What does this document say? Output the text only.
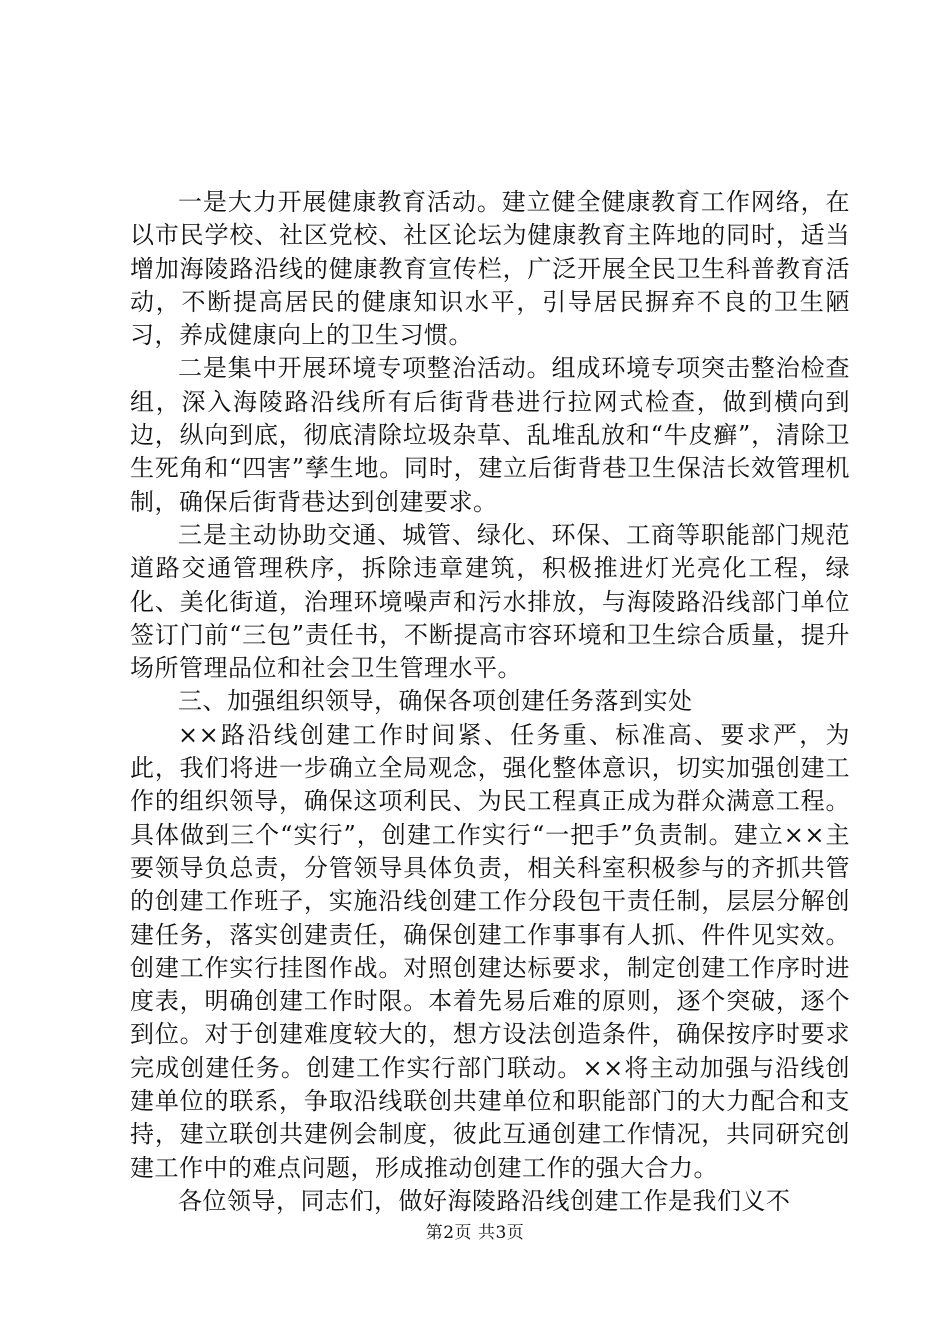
一是大力开展健康教育活动。建立健全健康教育工作网络，在以市民学校、社区党校、社区论坛为健康教育主阵地的同时，适当增加海陵路沿线的健康教育宣传栏，广泛开展全民卫生科普教育活动，不断提高居民的健康知识水平，引导居民摒弃不良的卫生陋习，养成健康向上的卫生习惯。

二是集中开展环境专项整治活动。组成环境专项突击整治检查组，深入海陵路沿线所有后街背巷进行拉网式检查，做到横向到边，纵向到底，彻底清除垃圾杂草、乱堆乱放和“牛皮癣”，清除卫生死角和“四害”孳生地。同时，建立后街背巷卫生保洁长效管理机制，确保后街背巷达到创建要求。

三是主动协助交通、城管、绿化、环保、工商等职能部门规范道路交通管理秩序，拆除违章建筑，积极推进灯光亮化工程，绿化、美化街道，治理环境噪声和污水排放，与海陵路沿线部门单位签订门前“三包”责任书，不断提高市容环境和卫生综合质量，提升场所管理品位和社会卫生管理水平。

三、加强组织领导，确保各项创建任务落到实处

××路沿线创建工作时间紧、任务重、标准高、要求严，为此，我们将进一步确立全局观念，强化整体意识，切实加强创建工作的组织领导，确保这项利民、为民工程真正成为群众满意工程。具体做到三个“实行”，创建工作实行“一把手”负责制。建立××主要领导负总责，分管领导具体负责，相关科室积极参与的齐抓共管的创建工作班子，实施沿线创建工作分段包干责任制，层层分解创建任务，落实创建责任，确保创建工作事事有人抓、件件见实效。创建工作实行挂图作战。对照创建达标要求，制定创建工作序时进度表，明确创建工作时限。本着先易后难的原则，逐个突破，逐个到位。对于创建难度较大的，想方设法创造条件，确保按序时要求完成创建任务。创建工作实行部门联动。××将主动加强与沿线创建单位的联系，争取沿线联创共建单位和职能部门的大力配合和支持，建立联创共建例会制度，彼此互通创建工作情况，共同研究创建工作中的难点问题，形成推动创建工作的强大合力。

各位领导，同志们，做好海陵路沿线创建工作是我们义不

第2页 共3页
